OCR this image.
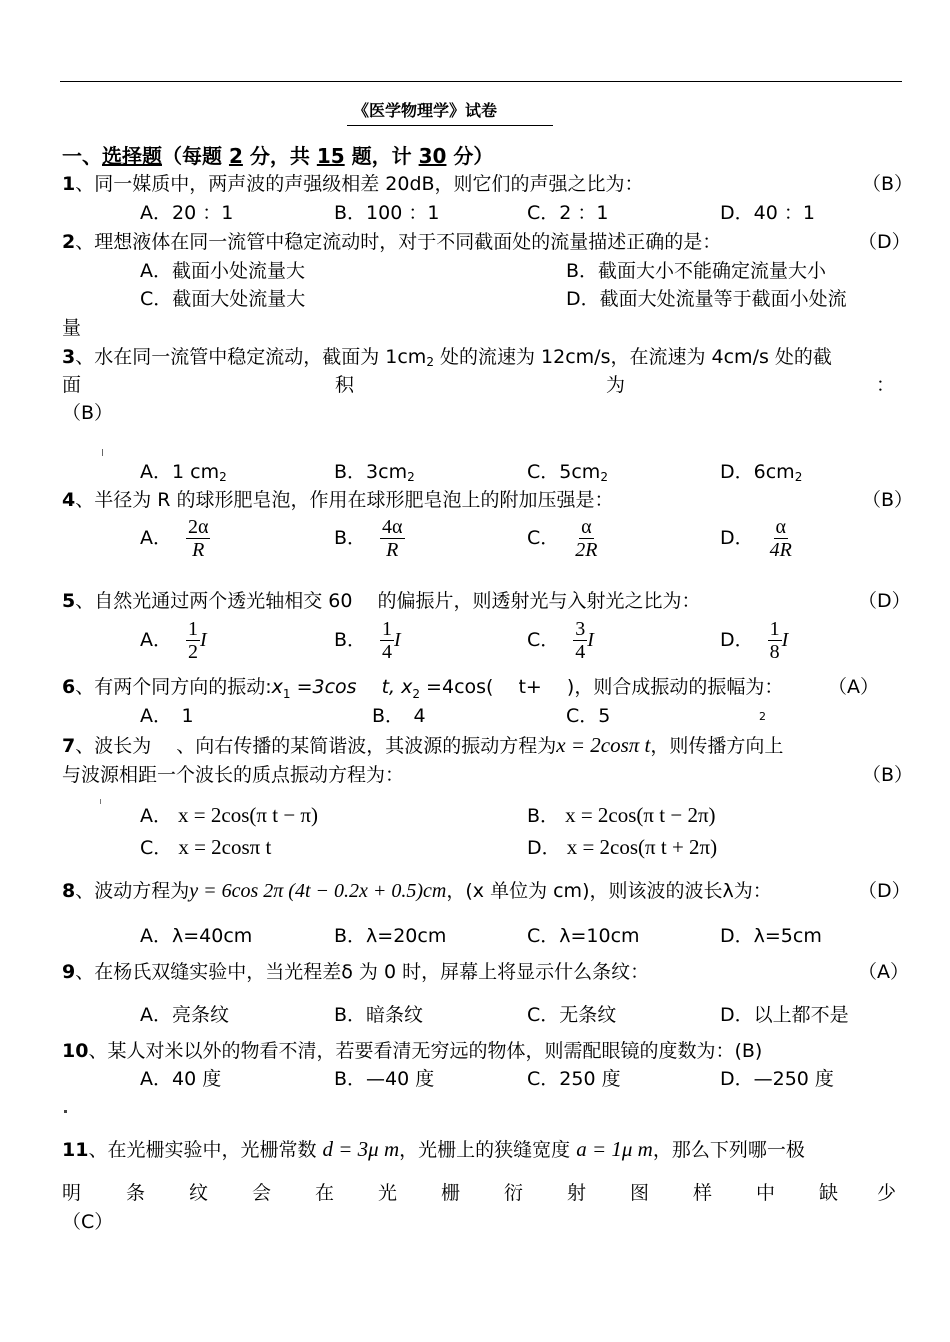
《医学物理学》试卷
一、选择题（每题 2 分，共 15 题，计 30 分）
1、同一媒质中，两声波的声强级相差 20dB，则它们的声强之比为：	（B）
A．20 ：1	B．100 ：1	C．2 ：1	D．40 ：1
2、理想液体在同一流管中稳定流动时，对于不同截面处的流量描述正确的是：	（D）
A．截面小处流量大	B．截面大小不能确定流量大小
C．截面大处流量大	D．截面大处流量等于截面小处流
量
3、水在同一流管中稳定流动，截面为 1cm2 处的流速为 12cm/s，在流速为 4cm/s 处的截
面	积	为	：
（B）
A．1 cm2	B．3cm2	C．5cm2	D．6cm2
4、半径为 R 的球形肥皂泡，作用在球形肥皂泡上的附加压强是：	（B）
A． $\frac{2\alpha}{R}$	B． $\frac{4\alpha}{R}$	C． $\frac{\alpha}{2R}$	D． $\frac{\alpha}{4R}$
5、自然光通过两个透光轴相交 60　 的偏振片，则透射光与入射光之比为：	（D）
A． $\frac{1}{2}$ I	B． $\frac{1}{4}$ I	C． $\frac{3}{4}$ I	D． $\frac{1}{8}$ I
6、有两个同方向的振动$:x_1 =3\cos$　 t, $x_2 =4\cos$(　 t+　 )，则合成振动的振幅为： （A）
A．　1	B．　4	C．5	2
7、波长为　 、向右传播的某简谐波，其波源的振动方程为x = 2cosπ t，则传播方向上
与波源相距一个波长的质点振动方程为：	（B）
A． x = 2cos(π t − π)	B． x = 2cos(π t − 2π)
C． x = 2cosπ t	D． x = 2cos(π t + 2π)
8、波动方程为y = 6cos 2π (4t − 0.2x + 0.5)cm，(x 单位为 cm)，则该波的波长λ为：	（D）
A．λ=40cm	B．λ=20cm	C．λ=10cm	D．λ=5cm
9、在杨氏双缝实验中，当光程差δ 为 0 时，屏幕上将显示什么条纹：	（A）
A．亮条纹	B．暗条纹	C．无条纹	D．以上都不是
10、某人对米以外的物看不清，若要看清无穷远的物体，则需配眼镜的度数为：(B)
A．40 度	B．—40 度	C．250 度	D．—250 度
11、在光栅实验中，光栅常数 d = 3μ m，光栅上的狭缝宽度 a = 1μ m，那么下列哪一极
明 条 纹 会 在 光 栅 衍 射 图 样 中 缺 少
（C）
